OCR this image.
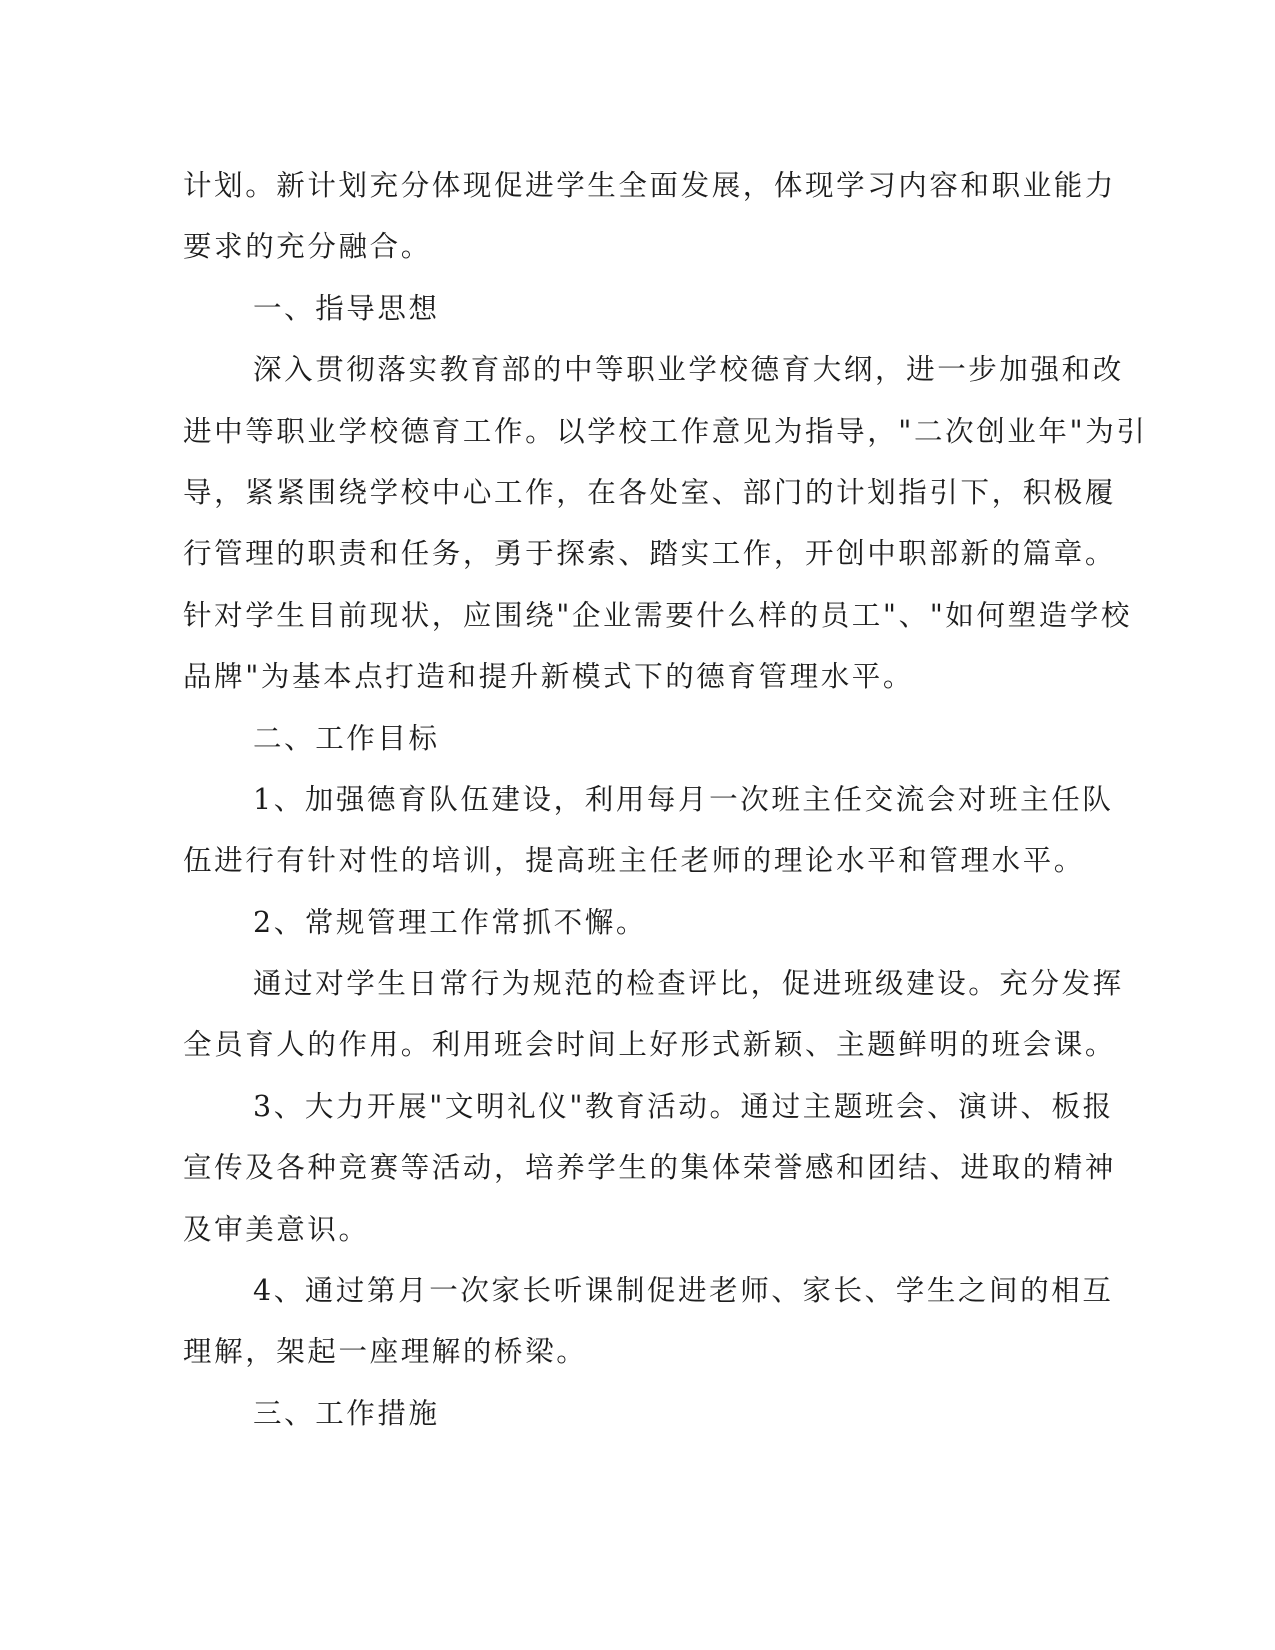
计划。新计划充分体现促进学生全面发展，体现学习内容和职业能力
要求的充分融合。
一、指导思想
深入贯彻落实教育部的中等职业学校德育大纲，进一步加强和改
进中等职业学校德育工作。以学校工作意见为指导，"二次创业年"为引
导，紧紧围绕学校中心工作，在各处室、部门的计划指引下，积极履
行管理的职责和任务，勇于探索、踏实工作，开创中职部新的篇章。
针对学生目前现状，应围绕"企业需要什么样的员工"、"如何塑造学校
品牌"为基本点打造和提升新模式下的德育管理水平。
二、工作目标
1、加强德育队伍建设，利用每月一次班主任交流会对班主任队
伍进行有针对性的培训，提高班主任老师的理论水平和管理水平。
2、常规管理工作常抓不懈。
通过对学生日常行为规范的检查评比，促进班级建设。充分发挥
全员育人的作用。利用班会时间上好形式新颖、主题鲜明的班会课。
3、大力开展"文明礼仪"教育活动。通过主题班会、演讲、板报
宣传及各种竞赛等活动，培养学生的集体荣誉感和团结、进取的精神
及审美意识。
4、通过第月一次家长听课制促进老师、家长、学生之间的相互
理解，架起一座理解的桥梁。
三、工作措施
